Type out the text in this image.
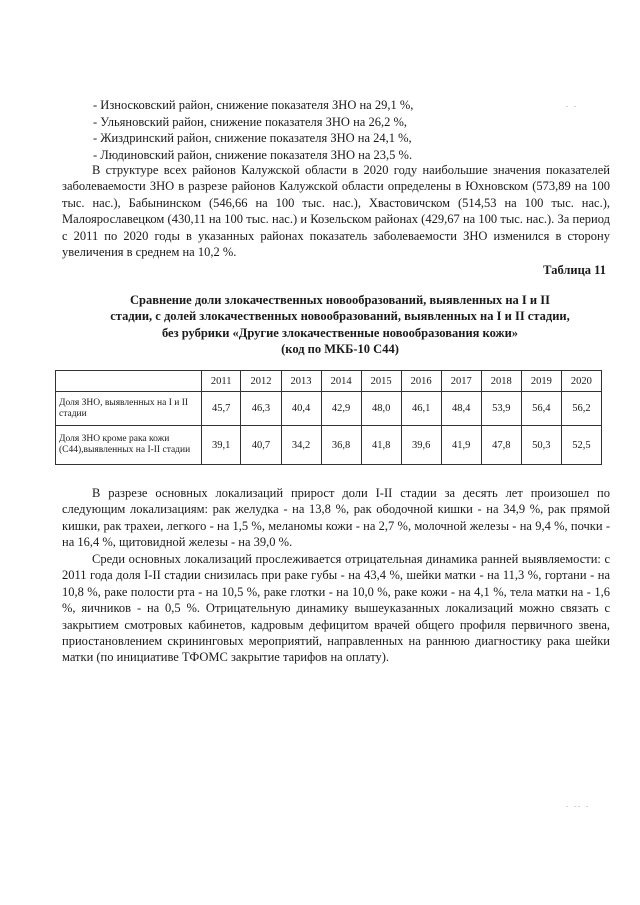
- Износковский район, снижение показателя ЗНО на 29,1 %,
- Ульяновский район, снижение показателя ЗНО на 26,2 %,
- Жиздринский район, снижение показателя ЗНО на 24,1 %,
- Людиновский район, снижение показателя ЗНО на 23,5 %.
В структуре всех районов Калужской области в 2020 году наибольшие значения показателей заболеваемости ЗНО в разрезе районов Калужской области определены в Юхновском (573,89 на 100 тыс. нас.), Бабынинском (546,66 на 100 тыс. нас.), Хвастовичском (514,53 на 100 тыс. нас.), Малоярославецком (430,11 на 100 тыс. нас.) и Козельском районах (429,67 на 100 тыс. нас.). За период с 2011 по 2020 годы в указанных районах показатель заболеваемости ЗНО изменился в сторону увеличения в среднем на 10,2 %.
Таблица 11
Сравнение доли злокачественных новообразований, выявленных на I и II
стадии, с долей злокачественных новообразований, выявленных на I и II стадии,
без рубрики «Другие злокачественные новообразования кожи»
(код по МКБ-10 С44)
	2011	2012	2013	2014	2015	2016	2017	2018	2019	2020
Доля ЗНО, выявленных на I и II стадии	45,7	46,3	40,4	42,9	48,0	46,1	48,4	53,9	56,4	56,2
Доля ЗНО кроме рака кожи (С44),выявленных на I-II стадии	39,1	40,7	34,2	36,8	41,8	39,6	41,9	47,8	50,3	52,5
В разрезе основных локализаций прирост доли I-II стадии за десять лет произошел по следующим локализациям: рак желудка - на 13,8 %, рак ободочной кишки - на 34,9 %, рак прямой кишки, рак трахеи, легкого - на 1,5 %, меланомы кожи - на 2,7 %, молочной железы - на 9,4 %, почки - на 16,4 %, щитовидной железы - на 39,0 %.
Среди основных локализаций прослеживается отрицательная динамика ранней выявляемости: с 2011 года доля I-II стадии снизилась при раке губы - на 43,4 %, шейки матки - на 11,3 %, гортани - на 10,8 %, раке полости рта - на 10,5 %, раке глотки - на 10,0 %, раке кожи - на 4,1 %, тела матки на - 1,6 %, яичников - на 0,5 %. Отрицательную динамику вышеуказанных локализаций можно связать с закрытием смотровых кабинетов, кадровым дефицитом врачей общего профиля первичного звена, приостановлением скрининговых мероприятий, направленных на раннюю диагностику рака шейки матки (по инициативе ТФОМС закрытие тарифов на оплату).
. .
. .. .
